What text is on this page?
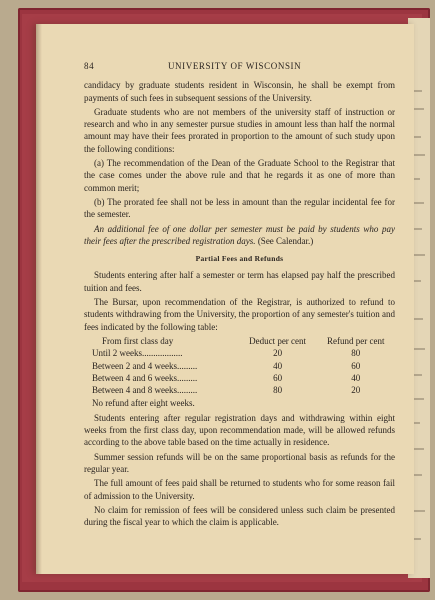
84	UNIVERSITY OF WISCONSIN

candidacy by graduate students resident in Wisconsin, he shall be exempt from payments of such fees in subsequent sessions of the University.

Graduate students who are not members of the university staff of instruction or research and who in any semester pursue studies in amount less than half the normal amount may have their fees prorated in proportion to the amount of such study upon the following conditions:

(a) The recommendation of the Dean of the Graduate School to the Registrar that the case comes under the above rule and that he regards it as one of more than common merit;

(b) The prorated fee shall not be less in amount than the regular incidental fee for the semester.

An additional fee of one dollar per semester must be paid by students who pay their fees after the prescribed registration days. (See Calendar.)

Partial Fees and Refunds

Students entering after half a semester or term has elapsed pay half the prescribed tuition and fees.

The Bursar, upon recommendation of the Registrar, is authorized to refund to students withdrawing from the University, the proportion of any semester's tuition and fees indicated by the following table:

From first class day	Deduct per cent	Refund per cent
Until 2 weeks..................	20	80
Between 2 and 4 weeks.........	40	60
Between 4 and 6 weeks.........	60	40
Between 4 and 8 weeks.........	80	20

No refund after eight weeks.

Students entering after regular registration days and withdrawing within eight weeks from the first class day, upon recommendation made, will be allowed refunds according to the above table based on the time actually in residence.

Summer session refunds will be on the same proportional basis as refunds for the regular year.

The full amount of fees paid shall be returned to students who for some reason fail of admission to the University.

No claim for remission of fees will be considered unless such claim be presented during the fiscal year to which the claim is applicable.
